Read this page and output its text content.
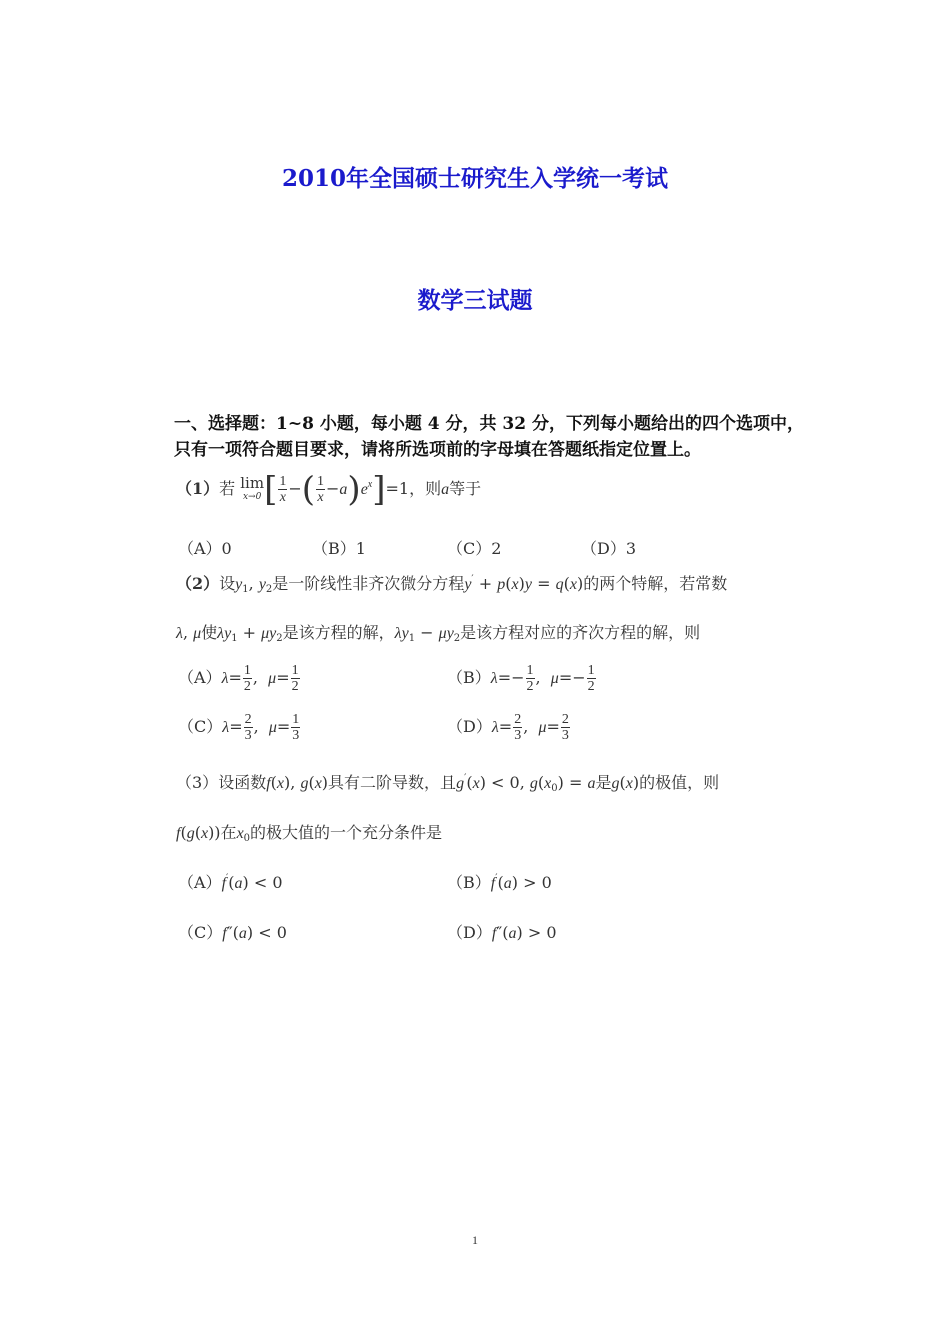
2010年全国硕士研究生入学统一考试
数学三试题
一、选择题：1~8 小题，每小题 4 分，共 32 分，下列每小题给出的四个选项中，
只有一项符合题目要求，请将所选项前的字母填在答题纸指定位置上。
（1）若 lim
x→0 [ $\frac{1}{x}$ −( $\frac{1}{x} -a)e^x]=1$，则a等于
（A）0	（B）1	（C）2	（D）3
（2）设$y_1$, $y_2$是一阶线性非齐次微分方程y′ + p(x)y = q(x)的两个特解，若常数
λ, μ使$\lambda y_1 + \mu y_2$是该方程的解，$\lambda y_1 - \mu y_2$是该方程对应的齐次方程的解，则
$(A)\lambda= \frac{1}{2}$ ,  $\mu= \frac{1}{2}$	$(B)\lambda=- \frac{1}{2}$ ,  $\mu=- \frac{1}{2}$
$(C)\lambda= \frac{2}{3}$ ,  $\mu= \frac{1}{3}$	$(D)\lambda= \frac{2}{3}$ ,  $\mu= \frac{2}{3}$
（3）设函数f(x), g(x)具有二阶导数，且g′(x) < 0, $g(x_0) = a$是g(x)的极值，则
f(g(x))在$x_0$的极大值的一个充分条件是
（A）f′(a) < 0	（B）f′(a) > 0
（C）f″(a) < 0	（D）f″(a) > 0
1
